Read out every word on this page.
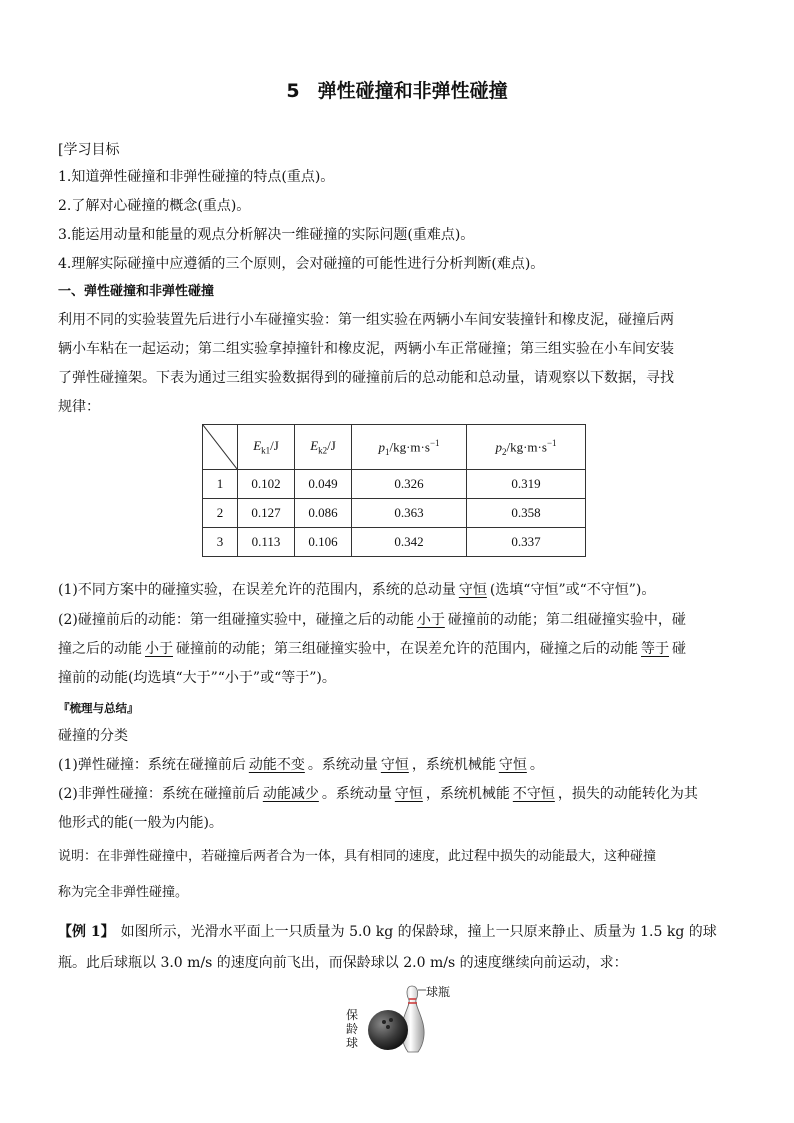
5 弹性碰撞和非弹性碰撞
[学习目标
1.知道弹性碰撞和非弹性碰撞的特点(重点)。
2.了解对心碰撞的概念(重点)。
3.能运用动量和能量的观点分析解决一维碰撞的实际问题(重难点)。
4.理解实际碰撞中应遵循的三个原则，会对碰撞的可能性进行分析判断(难点)。
一、弹性碰撞和非弹性碰撞
利用不同的实验装置先后进行小车碰撞实验：第一组实验在两辆小车间安装撞针和橡皮泥，碰撞后两
辆小车粘在一起运动；第二组实验拿掉撞针和橡皮泥，两辆小车正常碰撞；第三组实验在小车间安装
了弹性碰撞架。下表为通过三组实验数据得到的碰撞前后的总动能和总动量，请观察以下数据，寻找
规律：
	$E_{k1}/J$	$E_{k2}/J$	$p_1/kg\cdot m\cdot s^{-1}$	$p_2/kg\cdot m\cdot s^{-1}$
1	0.102	0.049	0.326	0.319
2	0.127	0.086	0.363	0.358
3	0.113	0.106	0.342	0.337
(1)不同方案中的碰撞实验，在误差允许的范围内，系统的总动量 守恒 (选填“守恒”或“不守恒”)。
(2)碰撞前后的动能：第一组碰撞实验中，碰撞之后的动能 小于 碰撞前的动能；第二组碰撞实验中，碰
撞之后的动能 小于 碰撞前的动能；第三组碰撞实验中，在误差允许的范围内，碰撞之后的动能 等于 碰
撞前的动能(均选填“大于”“小于”或“等于”)。
『梳理与总结』
碰撞的分类
(1)弹性碰撞：系统在碰撞前后 动能不变 。系统动量 守恒 ，系统机械能 守恒 。
(2)非弹性碰撞：系统在碰撞前后 动能减少 。系统动量 守恒 ，系统机械能 不守恒 ，损失的动能转化为其
他形式的能(一般为内能)。
说明：在非弹性碰撞中，若碰撞后两者合为一体，具有相同的速度，此过程中损失的动能最大，这种碰撞
称为完全非弹性碰撞。
【例 1】 如图所示，光滑水平面上一只质量为 5.0 kg 的保龄球，撞上一只原来静止、质量为 1.5 kg 的球
瓶。此后球瓶以 3.0 m/s 的速度向前飞出，而保龄球以 2.0 m/s 的速度继续向前运动，求：
球瓶
保
龄
球
